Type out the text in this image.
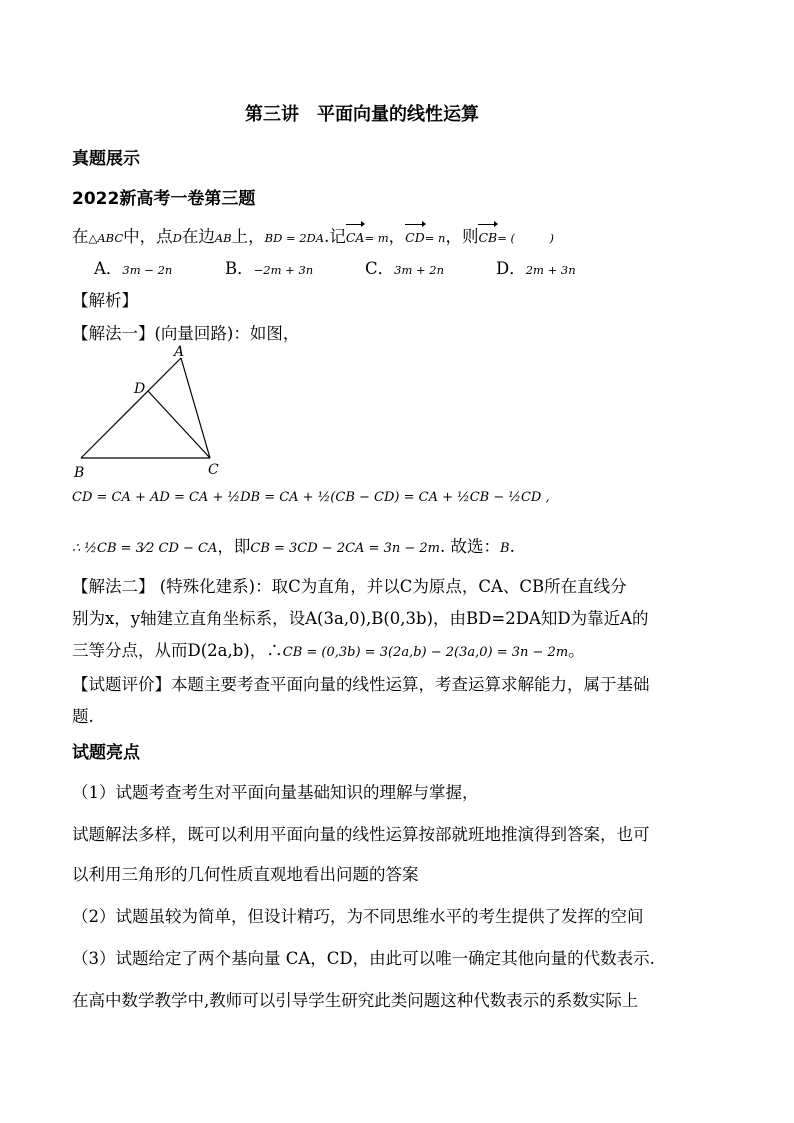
第三讲　平面向量的线性运算
真题展示
2022新高考一卷第三题
在△ABC中，点D在边AB上，BD = 2DA.记CA= m，CD= n，则CB= (　　　)
A．3m − 2n	B．−2m + 3n	C．3m + 2n	D．2m + 3n
【解析】
【解法一】(向量回路)：如图，
A
D
B	C
CD = CA + AD = CA + ½DB = CA + ½(CB − CD) = CA + ½CB − ½CD ,
∴ ½CB = 3⁄2 CD − CA，即CB = 3CD − 2CA = 3n − 2m. 故选：B.
【解法二】 (特殊化建系)：取C为直角，并以C为原点，CA、CB所在直线分
别为x，y轴建立直角坐标系，设A(3a,0),B(0,3b)，由BD=2DA知D为靠近A的
三等分点，从而D(2a,b)，∴CB = (0,3b) = 3(2a,b) − 2(3a,0) = 3n − 2m。
【试题评价】本题主要考查平面向量的线性运算，考查运算求解能力，属于基础
题.
试题亮点
（1）试题考查考生对平面向量基础知识的理解与掌握，
试题解法多样，既可以利用平面向量的线性运算按部就班地推演得到答案，也可
以利用三角形的几何性质直观地看出问题的答案
（2）试题虽较为简单，但设计精巧，为不同思维水平的考生提供了发挥的空间
（3）试题给定了两个基向量 CA，CD，由此可以唯一确定其他向量的代数表示.
在高中数学教学中,教师可以引导学生研究此类问题这种代数表示的系数实际上
